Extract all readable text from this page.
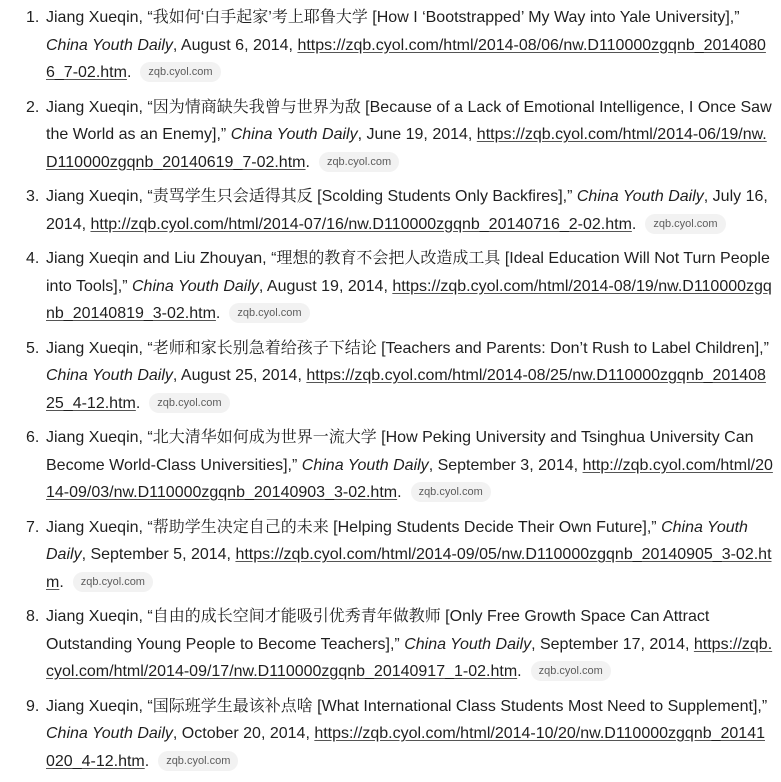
1. Jiang Xueqin, “我如何‘白手起家’考上耶鲁大学 [How I ‘Bootstrapped’ My Way into Yale University],” China Youth Daily, August 6, 2014, https://zqb.cyol.com/html/2014-08/06/nw.D110000zgqnb_20140806_7-02.htm. zqb.cyol.com
2. Jiang Xueqin, “因为情商缺失我曾与世界为敌 [Because of a Lack of Emotional Intelligence, I Once Saw the World as an Enemy],” China Youth Daily, June 19, 2014, https://zqb.cyol.com/html/2014-06/19/nw.D110000zgqnb_20140619_7-02.htm. zqb.cyol.com
3. Jiang Xueqin, “责骂学生只会适得其反 [Scolding Students Only Backfires],” China Youth Daily, July 16, 2014, http://zqb.cyol.com/html/2014-07/16/nw.D110000zgqnb_20140716_2-02.htm. zqb.cyol.com
4. Jiang Xueqin and Liu Zhouyan, “理想的教育不会把人改造成工具 [Ideal Education Will Not Turn People into Tools],” China Youth Daily, August 19, 2014, https://zqb.cyol.com/html/2014-08/19/nw.D110000zgqnb_20140819_3-02.htm. zqb.cyol.com
5. Jiang Xueqin, “老师和家长别急着给孩子下结论 [Teachers and Parents: Don’t Rush to Label Children],” China Youth Daily, August 25, 2014, https://zqb.cyol.com/html/2014-08/25/nw.D110000zgqnb_20140825_4-12.htm. zqb.cyol.com
6. Jiang Xueqin, “北大清华如何成为世界一流大学 [How Peking University and Tsinghua University Can Become World-Class Universities],” China Youth Daily, September 3, 2014, http://zqb.cyol.com/html/2014-09/03/nw.D110000zgqnb_20140903_3-02.htm. zqb.cyol.com
7. Jiang Xueqin, “帮助学生决定自己的未来 [Helping Students Decide Their Own Future],” China Youth Daily, September 5, 2014, https://zqb.cyol.com/html/2014-09/05/nw.D110000zgqnb_20140905_3-02.htm. zqb.cyol.com
8. Jiang Xueqin, “自由的成长空间才能吸引优秀青年做教师 [Only Free Growth Space Can Attract Outstanding Young People to Become Teachers],” China Youth Daily, September 17, 2014, https://zqb.cyol.com/html/2014-09/17/nw.D110000zgqnb_20140917_1-02.htm. zqb.cyol.com
9. Jiang Xueqin, “国际班学生最该补点啥 [What International Class Students Most Need to Supplement],” China Youth Daily, October 20, 2014, https://zqb.cyol.com/html/2014-10/20/nw.D110000zgqnb_20141020_4-12.htm. zqb.cyol.com
